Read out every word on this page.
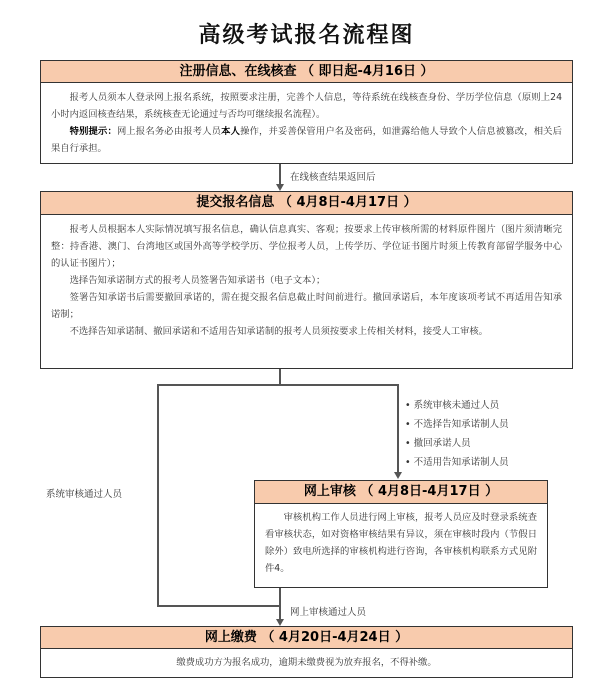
高级考试报名流程图
注册信息、在线核查 （ 即日起-4月16日 ）

报考人员须本人登录网上报名系统，按照要求注册，完善个人信息，等待系统在线核查身份、学历学位信息（原则上24小时内返回核查结果，系统核查无论通过与否均可继续报名流程）。

特别提示：网上报名务必由报考人员本人操作，并妥善保管用户名及密码，如泄露给他人导致个人信息被篡改，相关后果自行承担。

在线核查结果返回后
提交报名信息 （ 4月8日-4月17日 ）

报考人员根据本人实际情况填写报名信息，确认信息真实、客观；按要求上传审核所需的材料原件图片（图片须清晰完整：持香港、澳门、台湾地区或国外高等学校学历、学位报考人员，上传学历、学位证书图片时须上传教育部留学服务中心的认证书图片）；

选择告知承诺制方式的报考人员签署告知承诺书（电子文本）；

签署告知承诺书后需要撤回承诺的，需在提交报名信息截止时间前进行。撤回承诺后，本年度该项考试不再适用告知承诺制；

不选择告知承诺制、撤回承诺和不适用告知承诺制的报考人员须按要求上传相关材料，接受人工审核。

系统审核通过人员
• 系统审核未通过人员
• 不选择告知承诺制人员
• 撤回承诺人员
• 不适用告知承诺制人员
网上审核 （ 4月8日-4月17日 ）

审核机构工作人员进行网上审核，报考人员应及时登录系统查看审核状态，如对资格审核结果有异议，须在审核时段内（节假日除外）致电所选择的审核机构进行咨询，各审核机构联系方式见附件4。

网上审核通过人员
网上缴费 （ 4月20日-4月24日 ）

缴费成功方为报名成功，逾期未缴费视为放弃报名，不得补缴。
